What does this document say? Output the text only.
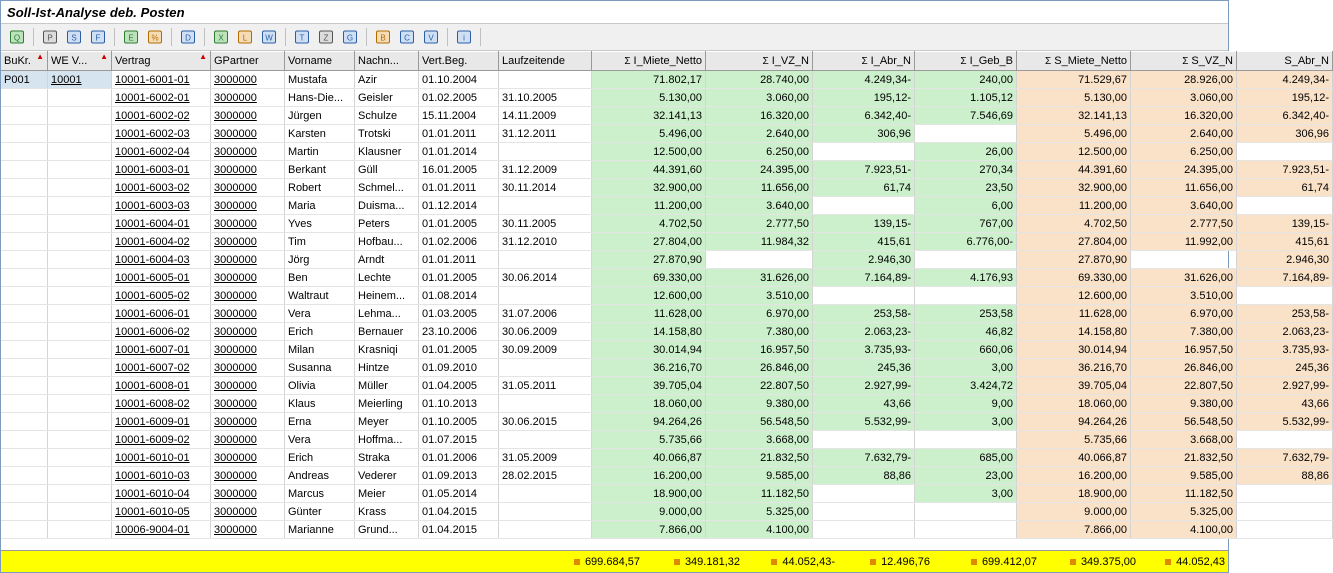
Soll-Ist-Analyse deb. Posten
Q	P S F	E %	D	X L W	T Z G	B C V	i
BuKr. ▲	WE V... ▲	Vertrag ▲	GPartner	Vorname	Nachn...	Vert.Beg.	Laufzeitende	Σ I_Miete_Netto	Σ I_VZ_N	Σ I_Abr_N	Σ I_Geb_B	Σ S_Miete_Netto	Σ S_VZ_N	S_Abr_N
P001	10001	10001-6001-01	3000000	Mustafa	Azir	01.10.2004		71.802,17	28.740,00	4.249,34-	240,00	71.529,67	28.926,00	4.249,34-
		10001-6002-01	3000000	Hans-Die...	Geisler	01.02.2005	31.10.2005	5.130,00	3.060,00	195,12-	1.105,12	5.130,00	3.060,00	195,12-
		10001-6002-02	3000000	Jürgen	Schulze	15.11.2004	14.11.2009	32.141,13	16.320,00	6.342,40-	7.546,69	32.141,13	16.320,00	6.342,40-
		10001-6002-03	3000000	Karsten	Trotski	01.01.2011	31.12.2011	5.496,00	2.640,00	306,96		5.496,00	2.640,00	306,96
		10001-6002-04	3000000	Martin	Klausner	01.01.2014		12.500,00	6.250,00		26,00	12.500,00	6.250,00	
		10001-6003-01	3000000	Berkant	Güll	16.01.2005	31.12.2009	44.391,60	24.395,00	7.923,51-	270,34	44.391,60	24.395,00	7.923,51-
		10001-6003-02	3000000	Robert	Schmel...	01.01.2011	30.11.2014	32.900,00	11.656,00	61,74	23,50	32.900,00	11.656,00	61,74
		10001-6003-03	3000000	Maria	Duisma...	01.12.2014		11.200,00	3.640,00		6,00	11.200,00	3.640,00	
		10001-6004-01	3000000	Yves	Peters	01.01.2005	30.11.2005	4.702,50	2.777,50	139,15-	767,00	4.702,50	2.777,50	139,15-
		10001-6004-02	3000000	Tim	Hofbau...	01.02.2006	31.12.2010	27.804,00	11.984,32	415,61	6.776,00-	27.804,00	11.992,00	415,61
		10001-6004-03	3000000	Jörg	Arndt	01.01.2011		27.870,90		2.946,30		27.870,90		2.946,30
		10001-6005-01	3000000	Ben	Lechte	01.01.2005	30.06.2014	69.330,00	31.626,00	7.164,89-	4.176,93	69.330,00	31.626,00	7.164,89-
		10001-6005-02	3000000	Waltraut	Heinem...	01.08.2014		12.600,00	3.510,00			12.600,00	3.510,00	
		10001-6006-01	3000000	Vera	Lehma...	01.03.2005	31.07.2006	11.628,00	6.970,00	253,58-	253,58	11.628,00	6.970,00	253,58-
		10001-6006-02	3000000	Erich	Bernauer	23.10.2006	30.06.2009	14.158,80	7.380,00	2.063,23-	46,82	14.158,80	7.380,00	2.063,23-
		10001-6007-01	3000000	Milan	Krasniqi	01.01.2005	30.09.2009	30.014,94	16.957,50	3.735,93-	660,06	30.014,94	16.957,50	3.735,93-
		10001-6007-02	3000000	Susanna	Hintze	01.09.2010		36.216,70	26.846,00	245,36	3,00	36.216,70	26.846,00	245,36
		10001-6008-01	3000000	Olivia	Müller	01.04.2005	31.05.2011	39.705,04	22.807,50	2.927,99-	3.424,72	39.705,04	22.807,50	2.927,99-
		10001-6008-02	3000000	Klaus	Meierling	01.10.2013		18.060,00	9.380,00	43,66	9,00	18.060,00	9.380,00	43,66
		10001-6009-01	3000000	Erna	Meyer	01.10.2005	30.06.2015	94.264,26	56.548,50	5.532,99-	3,00	94.264,26	56.548,50	5.532,99-
		10001-6009-02	3000000	Vera	Hoffma...	01.07.2015		5.735,66	3.668,00			5.735,66	3.668,00	
		10001-6010-01	3000000	Erich	Straka	01.01.2006	31.05.2009	40.066,87	21.832,50	7.632,79-	685,00	40.066,87	21.832,50	7.632,79-
		10001-6010-03	3000000	Andreas	Vederer	01.09.2013	28.02.2015	16.200,00	9.585,00	88,86	23,00	16.200,00	9.585,00	88,86
		10001-6010-04	3000000	Marcus	Meier	01.05.2014		18.900,00	11.182,50		3,00	18.900,00	11.182,50	
		10001-6010-05	3000000	Günter	Krass	01.04.2015		9.000,00	5.325,00			9.000,00	5.325,00	
		10006-9004-01	3000000	Marianne	Grund...	01.04.2015		7.866,00	4.100,00			7.866,00	4.100,00	
699.684,57	349.181,32	44.052,43-	12.496,76	699.412,07	349.375,00	44.052,43
